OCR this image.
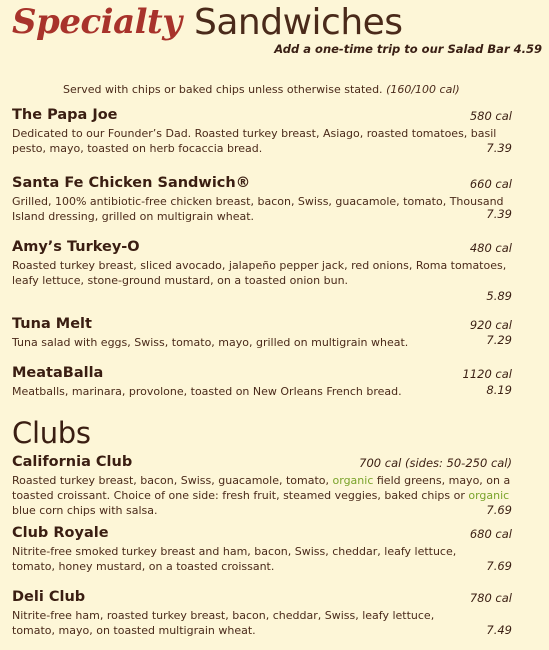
Specialty Sandwiches
Add a one-time trip to our Salad Bar 4.59
Served with chips or baked chips unless otherwise stated. (160/100 cal)
The Papa Joe	580 cal
Dedicated to our Founder’s Dad. Roasted turkey breast, Asiago, roasted tomatoes, basil pesto, mayo, toasted on herb focaccia bread.	7.39
Santa Fe Chicken Sandwich®	660 cal
Grilled, 100% antibiotic-free chicken breast, bacon, Swiss, guacamole, tomato, Thousand Island dressing, grilled on multigrain wheat.	7.39
Amy’s Turkey-O	480 cal
Roasted turkey breast, sliced avocado, jalapeño pepper jack, red onions, Roma tomatoes, leafy lettuce, stone-ground mustard, on a toasted onion bun.
5.89
Tuna Melt	920 cal
Tuna salad with eggs, Swiss, tomato, mayo, grilled on multigrain wheat.	7.29
MeataBalla	1120 cal
Meatballs, marinara, provolone, toasted on New Orleans French bread.	8.19
Clubs
California Club	700 cal (sides: 50-250 cal)
Roasted turkey breast, bacon, Swiss, guacamole, tomato, organic field greens, mayo, on a toasted croissant. Choice of one side: fresh fruit, steamed veggies, baked chips or organic blue corn chips with salsa.	7.69
Club Royale	680 cal
Nitrite-free smoked turkey breast and ham, bacon, Swiss, cheddar, leafy lettuce, tomato, honey mustard, on a toasted croissant.	7.69
Deli Club	780 cal
Nitrite-free ham, roasted turkey breast, bacon, cheddar, Swiss, leafy lettuce, tomato, mayo, on toasted multigrain wheat.	7.49
